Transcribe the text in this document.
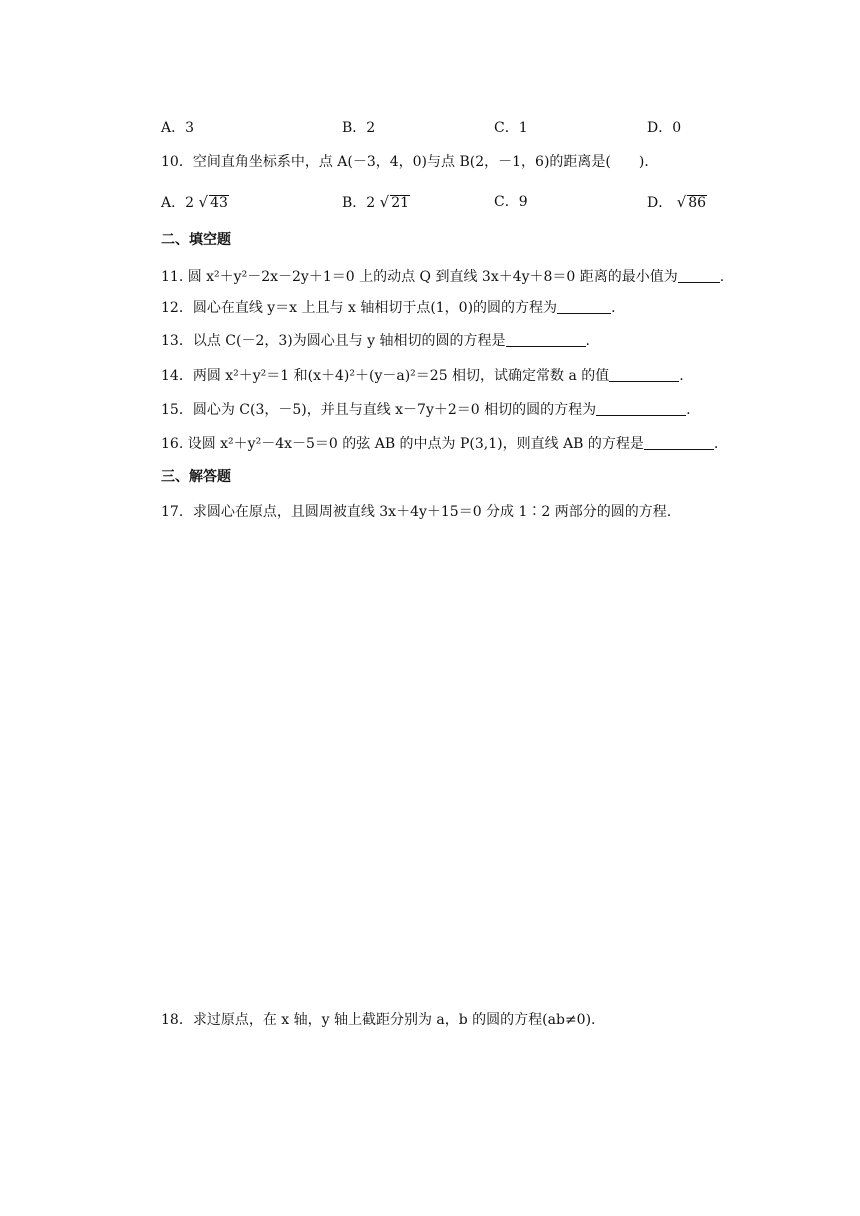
A．3	B．2	C．1	D．0
10．空间直角坐标系中，点 A(－3，4，0)与点 B(2，－1，6)的距离是(　　)．
A．2 √ 43	B．2 √ 21	C．9	D． √ 86
二、填空题
11. 圆 x²＋y²－2x－2y＋1＝0 上的动点 Q 到直线 3x＋4y＋8＝0 距离的最小值为	.
12．圆心在直线 y＝x 上且与 x 轴相切于点(1，0)的圆的方程为	.
13．以点 C(－2，3)为圆心且与 y 轴相切的圆的方程是	.
14．两圆 x²＋y²＝1 和(x＋4)²＋(y－a)²＝25 相切，试确定常数 a 的值	.
15．圆心为 C(3，－5)，并且与直线 x－7y＋2＝0 相切的圆的方程为	.
16. 设圆 x²＋y²－4x－5＝0 的弦 AB 的中点为 P(3,1)，则直线 AB 的方程是	.
三、解答题
17．求圆心在原点，且圆周被直线 3x＋4y＋15＝0 分成 1∶2 两部分的圆的方程.
18．求过原点，在 x 轴，y 轴上截距分别为 a，b 的圆的方程(ab≠0).
